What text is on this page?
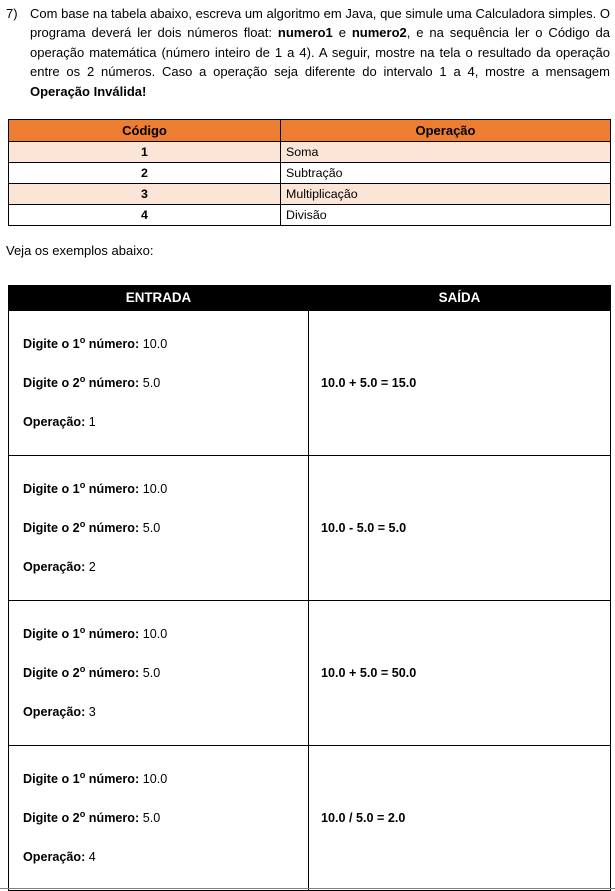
7) Com base na tabela abaixo, escreva um algoritmo em Java, que simule uma Calculadora simples. O programa deverá ler dois números float: numero1 e numero2, e na sequência ler o Código da operação matemática (número inteiro de 1 a 4). A seguir, mostre na tela o resultado da operação entre os 2 números. Caso a operação seja diferente do intervalo 1 a 4, mostre a mensagem Operação Inválida!
Código	Operação
1	Soma
2	Subtração
3	Multiplicação
4	Divisão
Veja os exemplos abaixo:
ENTRADA	SAÍDA

Digite o 1$^o$ número: 10.0
Digite o 2$^o$ número: 5.0
Operação: 1	10.0 + 5.0 = 15.0

Digite o 1$^o$ número: 10.0
Digite o 2$^o$ número: 5.0
Operação: 2	10.0 - 5.0 = 5.0

Digite o 1$^o$ número: 10.0
Digite o 2$^o$ número: 5.0
Operação: 3	10.0 + 5.0 = 50.0

Digite o 1$^o$ número: 10.0
Digite o 2$^o$ número: 5.0
Operação: 4	10.0 / 5.0 = 2.0
